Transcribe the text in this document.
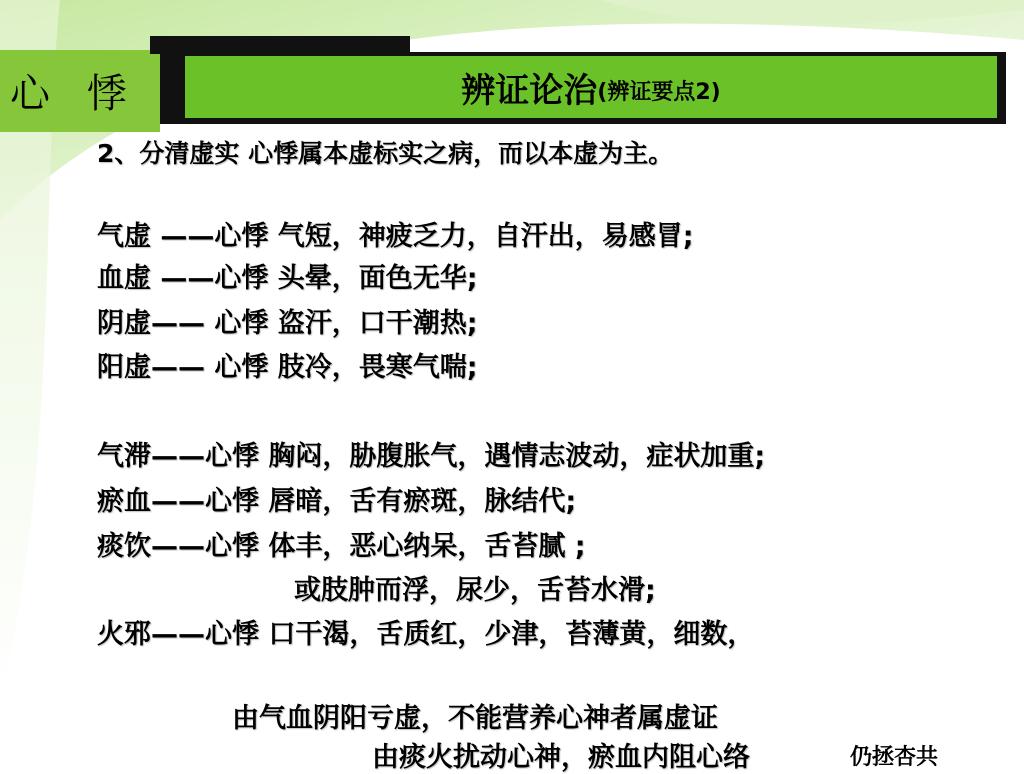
心 悸	辨证论治 (辨证要点2)
2、分清虚实 心悸属本虚标实之病，而以本虚为主。
气虚 ——心悸 气短，神疲乏力，自汗出，易感冒;
血虚 ——心悸 头晕，面色无华;
阴虚—— 心悸 盗汗，口干潮热;
阳虚—— 心悸 肢冷，畏寒气喘;
气滞——心悸 胸闷，胁腹胀气，遇情志波动，症状加重;
瘀血——心悸 唇暗，舌有瘀斑，脉结代;
痰饮——心悸 体丰，恶心纳呆，舌苔腻 ;
或肢肿而浮，尿少，舌苔水滑;
火邪——心悸 口干渴，舌质红，少津，苔薄黄，细数，
由气血阴阳亏虚，不能营养心神者属虚证
由痰火扰动心神，瘀血内阻心络	仍拯杏共
